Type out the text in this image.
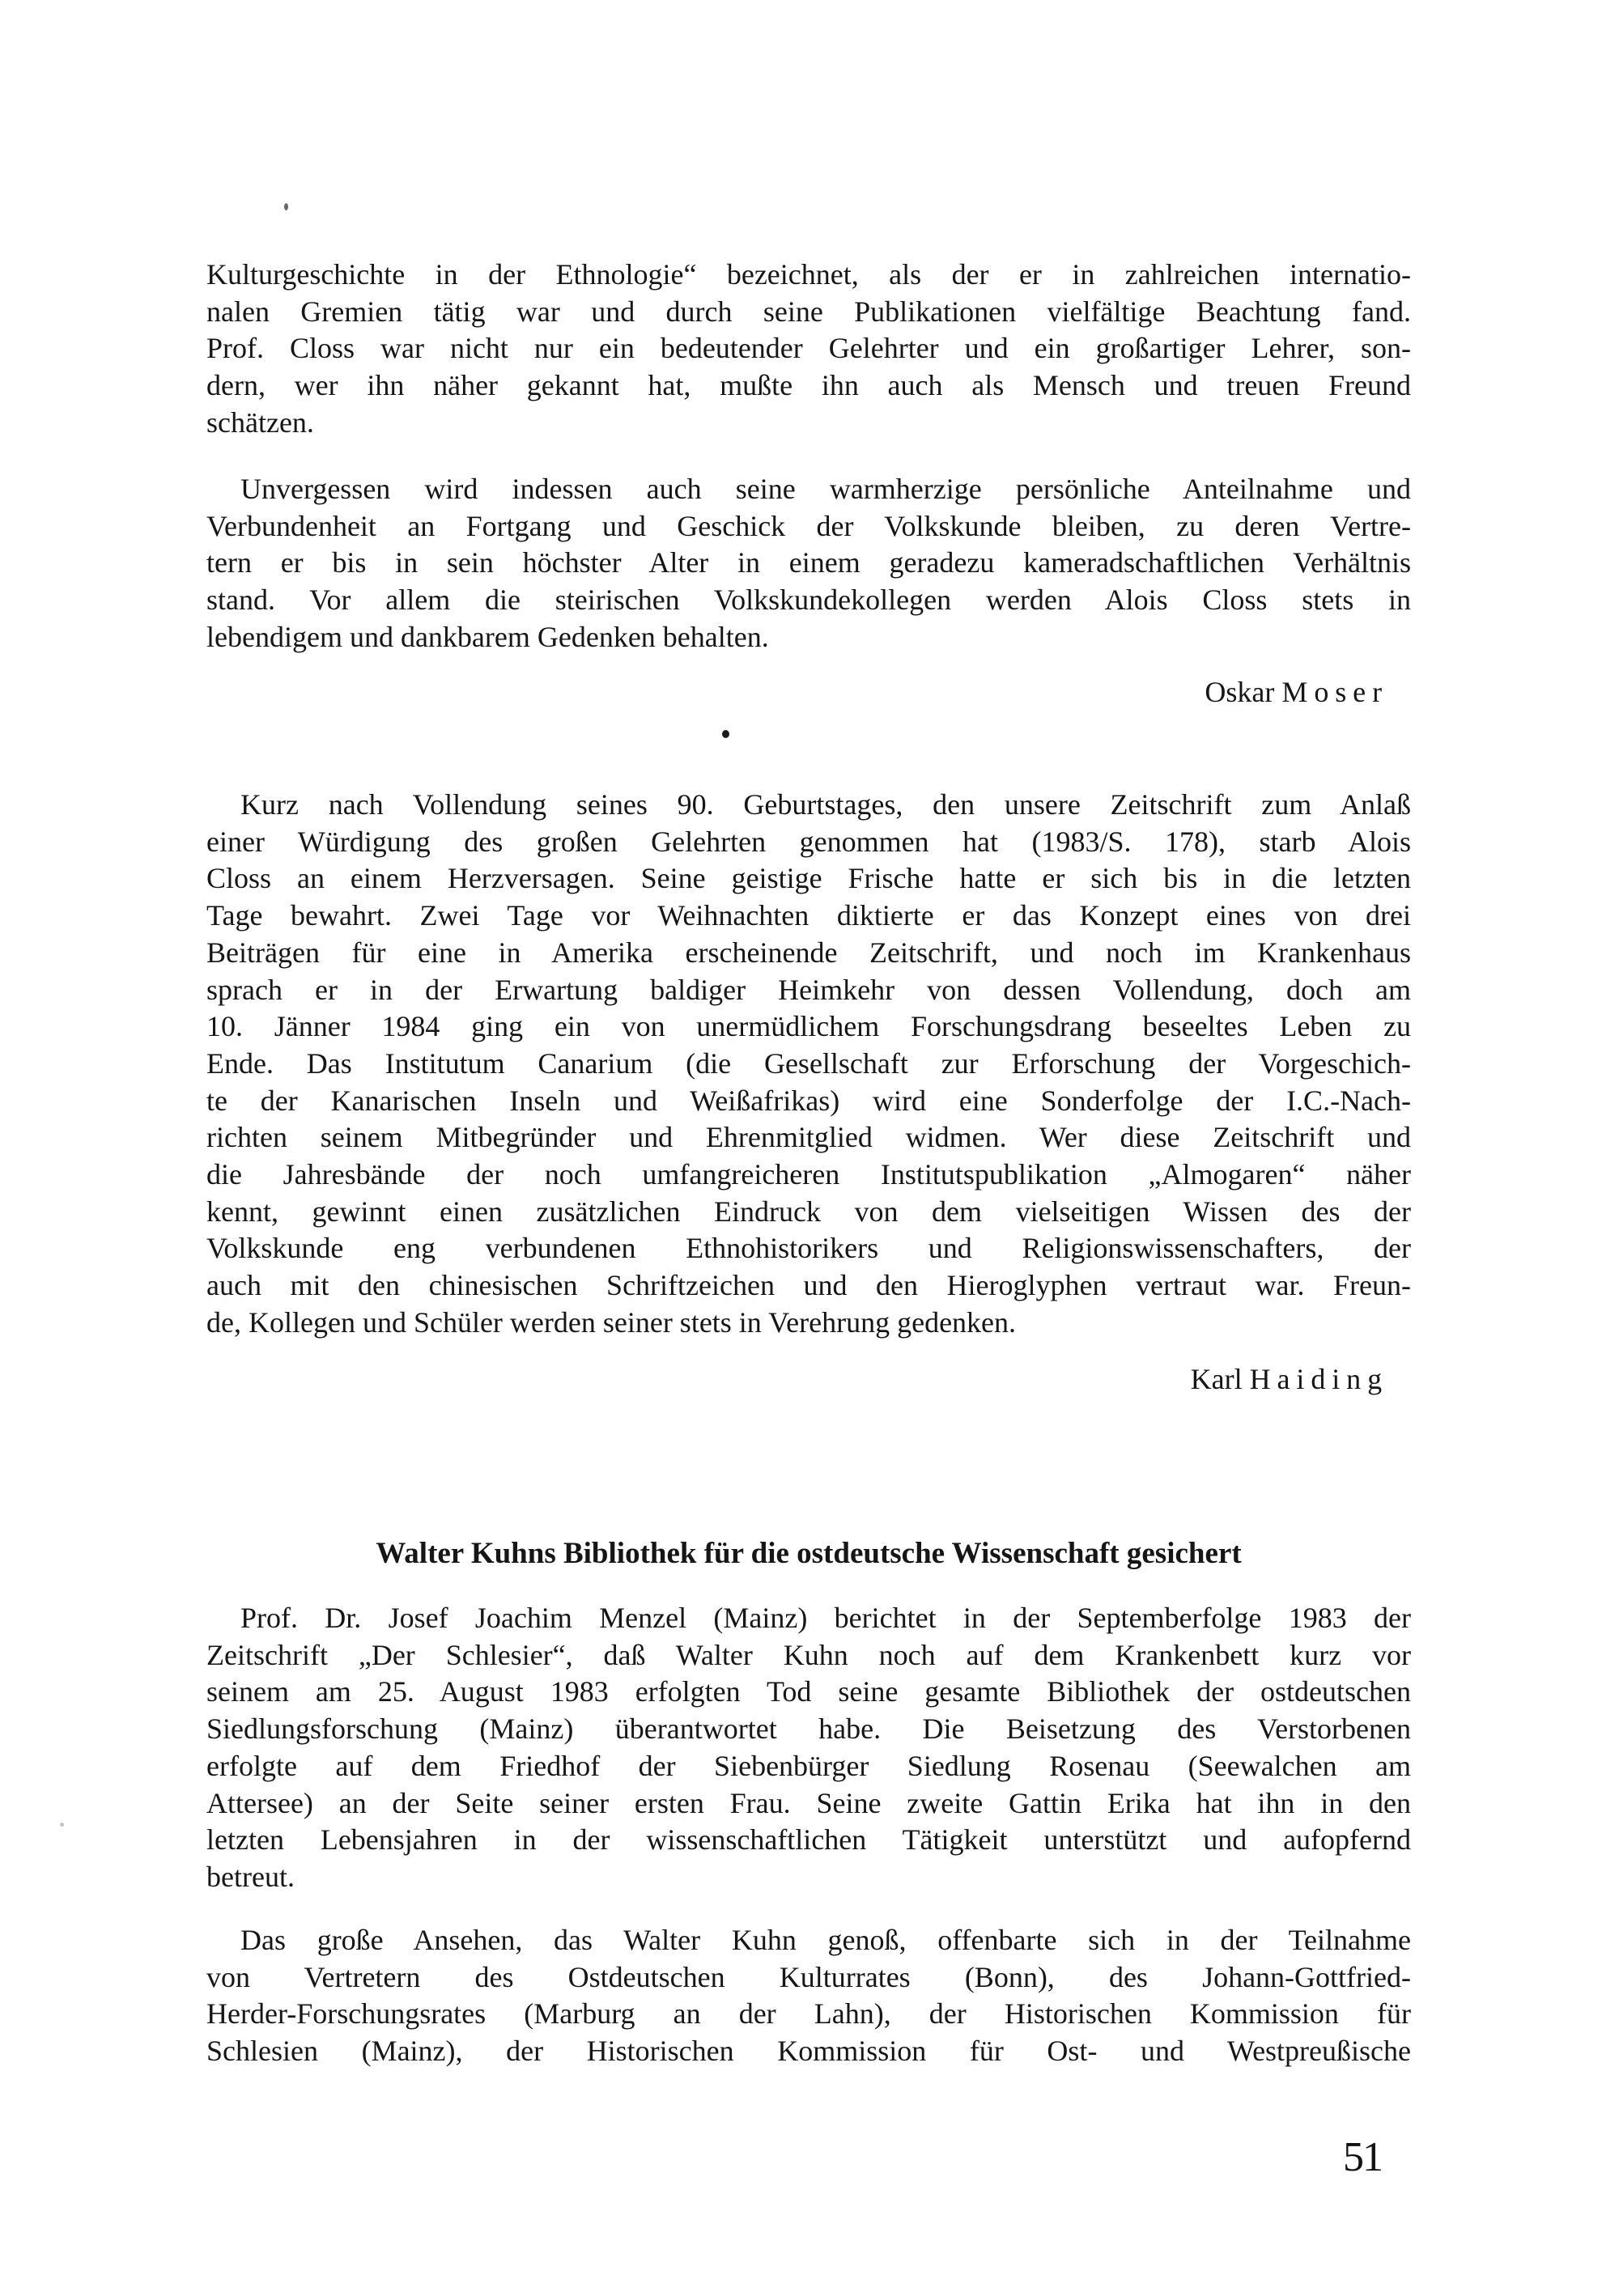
Kulturgeschichte in der Ethnologie“ bezeichnet, als der er in zahlreichen internatio-
nalen Gremien tätig war und durch seine Publikationen vielfältige Beachtung fand.
Prof. Closs war nicht nur ein bedeutender Gelehrter und ein großartiger Lehrer, son-
dern, wer ihn näher gekannt hat, mußte ihn auch als Mensch und treuen Freund
schätzen.
Unvergessen wird indessen auch seine warmherzige persönliche Anteilnahme und
Verbundenheit an Fortgang und Geschick der Volkskunde bleiben, zu deren Vertre-
tern er bis in sein höchster Alter in einem geradezu kameradschaftlichen Verhältnis
stand. Vor allem die steirischen Volkskundekollegen werden Alois Closs stets in
lebendigem und dankbarem Gedenken behalten.
Oskar Moser
Kurz nach Vollendung seines 90. Geburtstages, den unsere Zeitschrift zum Anlaß
einer Würdigung des großen Gelehrten genommen hat (1983/S. 178), starb Alois
Closs an einem Herzversagen. Seine geistige Frische hatte er sich bis in die letzten
Tage bewahrt. Zwei Tage vor Weihnachten diktierte er das Konzept eines von drei
Beiträgen für eine in Amerika erscheinende Zeitschrift, und noch im Krankenhaus
sprach er in der Erwartung baldiger Heimkehr von dessen Vollendung, doch am
10. Jänner 1984 ging ein von unermüdlichem Forschungsdrang beseeltes Leben zu
Ende. Das Institutum Canarium (die Gesellschaft zur Erforschung der Vorgeschich-
te der Kanarischen Inseln und Weißafrikas) wird eine Sonderfolge der I.C.-Nach-
richten seinem Mitbegründer und Ehrenmitglied widmen. Wer diese Zeitschrift und
die Jahresbände der noch umfangreicheren Institutspublikation „Almogaren“ näher
kennt, gewinnt einen zusätzlichen Eindruck von dem vielseitigen Wissen des der
Volkskunde eng verbundenen Ethnohistorikers und Religionswissenschafters, der
auch mit den chinesischen Schriftzeichen und den Hieroglyphen vertraut war. Freun-
de, Kollegen und Schüler werden seiner stets in Verehrung gedenken.
Karl Haiding
Walter Kuhns Bibliothek für die ostdeutsche Wissenschaft gesichert
Prof. Dr. Josef Joachim Menzel (Mainz) berichtet in der Septemberfolge 1983 der
Zeitschrift „Der Schlesier“, daß Walter Kuhn noch auf dem Krankenbett kurz vor
seinem am 25. August 1983 erfolgten Tod seine gesamte Bibliothek der ostdeutschen
Siedlungsforschung (Mainz) überantwortet habe. Die Beisetzung des Verstorbenen
erfolgte auf dem Friedhof der Siebenbürger Siedlung Rosenau (Seewalchen am
Attersee) an der Seite seiner ersten Frau. Seine zweite Gattin Erika hat ihn in den
letzten Lebensjahren in der wissenschaftlichen Tätigkeit unterstützt und aufopfernd
betreut.
Das große Ansehen, das Walter Kuhn genoß, offenbarte sich in der Teilnahme
von Vertretern des Ostdeutschen Kulturrates (Bonn), des Johann-Gottfried-
Herder-Forschungsrates (Marburg an der Lahn), der Historischen Kommission für
Schlesien (Mainz), der Historischen Kommission für Ost- und Westpreußische
51
